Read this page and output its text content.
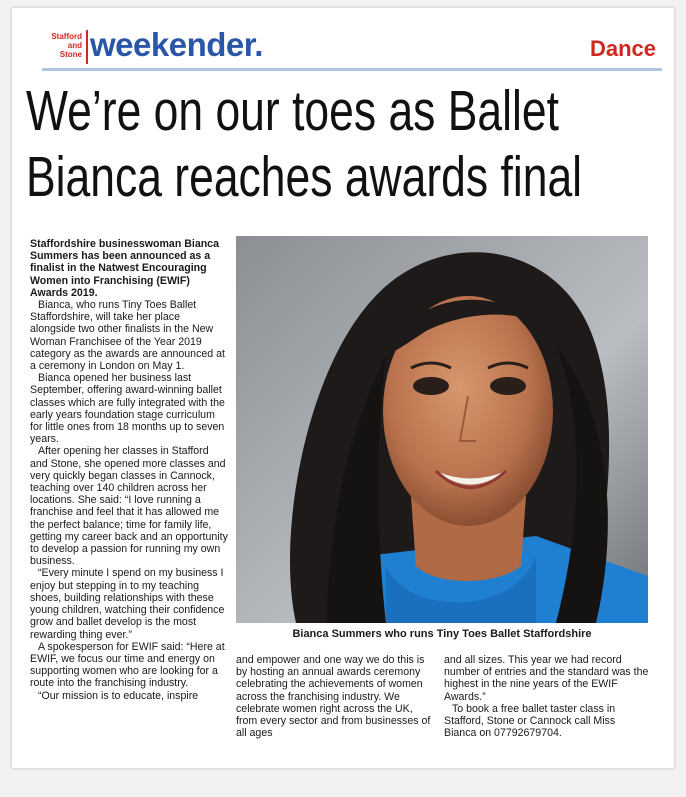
Stafford
and
Stone weekender.	Dance
We’re on our toes as Ballet
Bianca reaches awards final

Staffordshire businesswoman Bianca Summers has been announced as a finalist in the Natwest Encouraging Women into Franchising (EWIF) Awards 2019.

Bianca, who runs Tiny Toes Ballet Staffordshire, will take her place alongside two other finalists in the New Woman Franchisee of the Year 2019 category as the awards are announced at a ceremony in London on May 1.

Bianca opened her business last September, offering award-winning ballet classes which are fully integrated with the early years foundation stage curriculum for little ones from 18 months up to seven years.

After opening her classes in Stafford and Stone, she opened more classes and very quickly began classes in Cannock, teaching over 140 children across her locations. She said: “I love running a franchise and feel that it has allowed me the perfect balance; time for family life, getting my career back and an opportunity to develop a passion for running my own business.

“Every minute I spend on my business I enjoy but stepping in to my teaching shoes, building relationships with these young children, watching their confidence grow and ballet develop is the most rewarding thing ever.”

A spokesperson for EWIF said: “Here at EWIF, we focus our time and energy on supporting women who are looking for a route into the franchising industry.

“Our mission is to educate, inspire

Bianca Summers who runs Tiny Toes Ballet Staffordshire

and empower and one way we do this is by hosting an annual awards ceremony celebrating the achievements of women across the franchising industry. We celebrate women right across the UK, from every sector and from businesses of all ages

and all sizes. This year we had record number of entries and the standard was the highest in the nine years of the EWIF Awards.”

To book a free ballet taster class in Stafford, Stone or Cannock call Miss Bianca on 07792679704.
